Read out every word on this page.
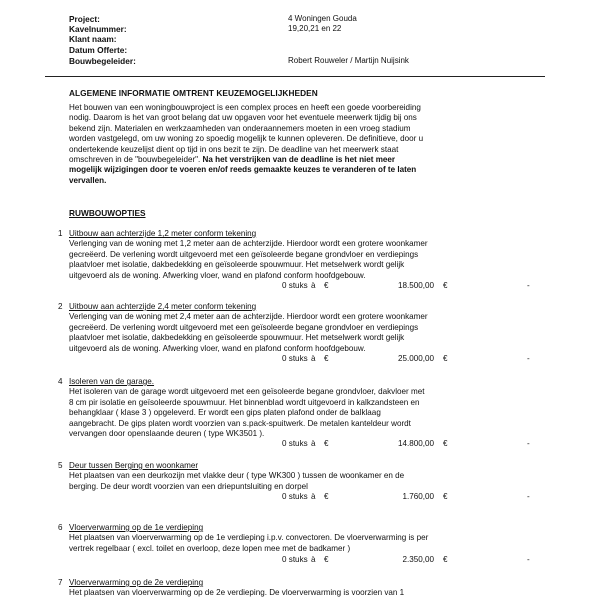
Project:	4 Woningen Gouda
Kavelnummer:	19,20,21 en 22
Klant naam:
Datum Offerte:
Bouwbegeleider:	Robert Rouweler / Martijn Nuijsink
ALGEMENE INFORMATIE OMTRENT KEUZEMOGELIJKHEDEN
Het bouwen van een woningbouwproject is een complex proces en heeft een goede voorbereiding
nodig. Daarom is het van groot belang dat uw opgaven voor het eventuele meerwerk tijdig bij ons
bekend zijn. Materialen en werkzaamheden van onderaannemers moeten in een vroeg stadium
worden vastgelegd, om uw woning zo spoedig mogelijk te kunnen opleveren. De definitieve, door u
ondertekende keuzelijst dient op tijd in ons bezit te zijn. De deadline van het meerwerk staat
omschreven in de "bouwbegeleider". Na het verstrijken van de deadline is het niet meer
mogelijk wijzigingen door te voeren en/of reeds gemaakte keuzes te veranderen of te laten
vervallen.
RUWBOUWOPTIES
1 Uitbouw aan achterzijde 1,2 meter conform tekening
Verlenging van de woning met 1,2 meter aan de achterzijde. Hierdoor wordt een grotere woonkamer
gecreëerd. De verlening wordt uitgevoerd met een geïsoleerde begane grondvloer en verdiepings
plaatvloer met isolatie, dakbedekking en geïsoleerde spouwmuur. Het metselwerk wordt gelijk
uitgevoerd als de woning. Afwerking vloer, wand en plafond conform hoofdgebouw.
0 stuks à €	18.500,00 €	-
2 Uitbouw aan achterzijde 2,4 meter conform tekening
Verlenging van de woning met 2,4 meter aan de achterzijde. Hierdoor wordt een grotere woonkamer
gecreëerd. De verlening wordt uitgevoerd met een geïsoleerde begane grondvloer en verdiepings
plaatvloer met isolatie, dakbedekking en geïsoleerde spouwmuur. Het metselwerk wordt gelijk
uitgevoerd als de woning. Afwerking vloer, wand en plafond conform hoofdgebouw.
0 stuks à €	25.000,00 €	-
4 Isoleren van de garage.
Het isoleren van de garage wordt uitgevoerd met een geïsoleerde begane grondvloer, dakvloer met
8 cm pir isolatie en geïsoleerde spouwmuur. Het binnenblad wordt uitgevoerd in kalkzandsteen en
behangklaar ( klase 3 ) opgeleverd. Er wordt een gips platen plafond onder de balklaag
aangebracht. De gips platen wordt voorzien van s.pack-spuitwerk. De metalen kanteldeur wordt
vervangen door openslaande deuren ( type WK3501 ).
0 stuks à €	14.800,00 €	-
5 Deur tussen Berging en woonkamer
Het plaatsen van een deurkozijn met vlakke deur ( type WK300 ) tussen de woonkamer en de
berging. De deur wordt voorzien van een driepuntsluiting en dorpel
0 stuks à €	1.760,00 €	-
6 Vloerverwarming op de 1e verdieping
Het plaatsen van vloerverwarming op de 1e verdieping i.p.v. convectoren. De vloerverwarming is per
vertrek regelbaar ( excl. toilet en overloop, deze lopen mee met de badkamer )
0 stuks à €	2.350,00 €	-
7 Vloerverwarming op de 2e verdieping
Het plaatsen van vloerverwarming op de 2e verdieping. De vloerverwarming is voorzien van 1
